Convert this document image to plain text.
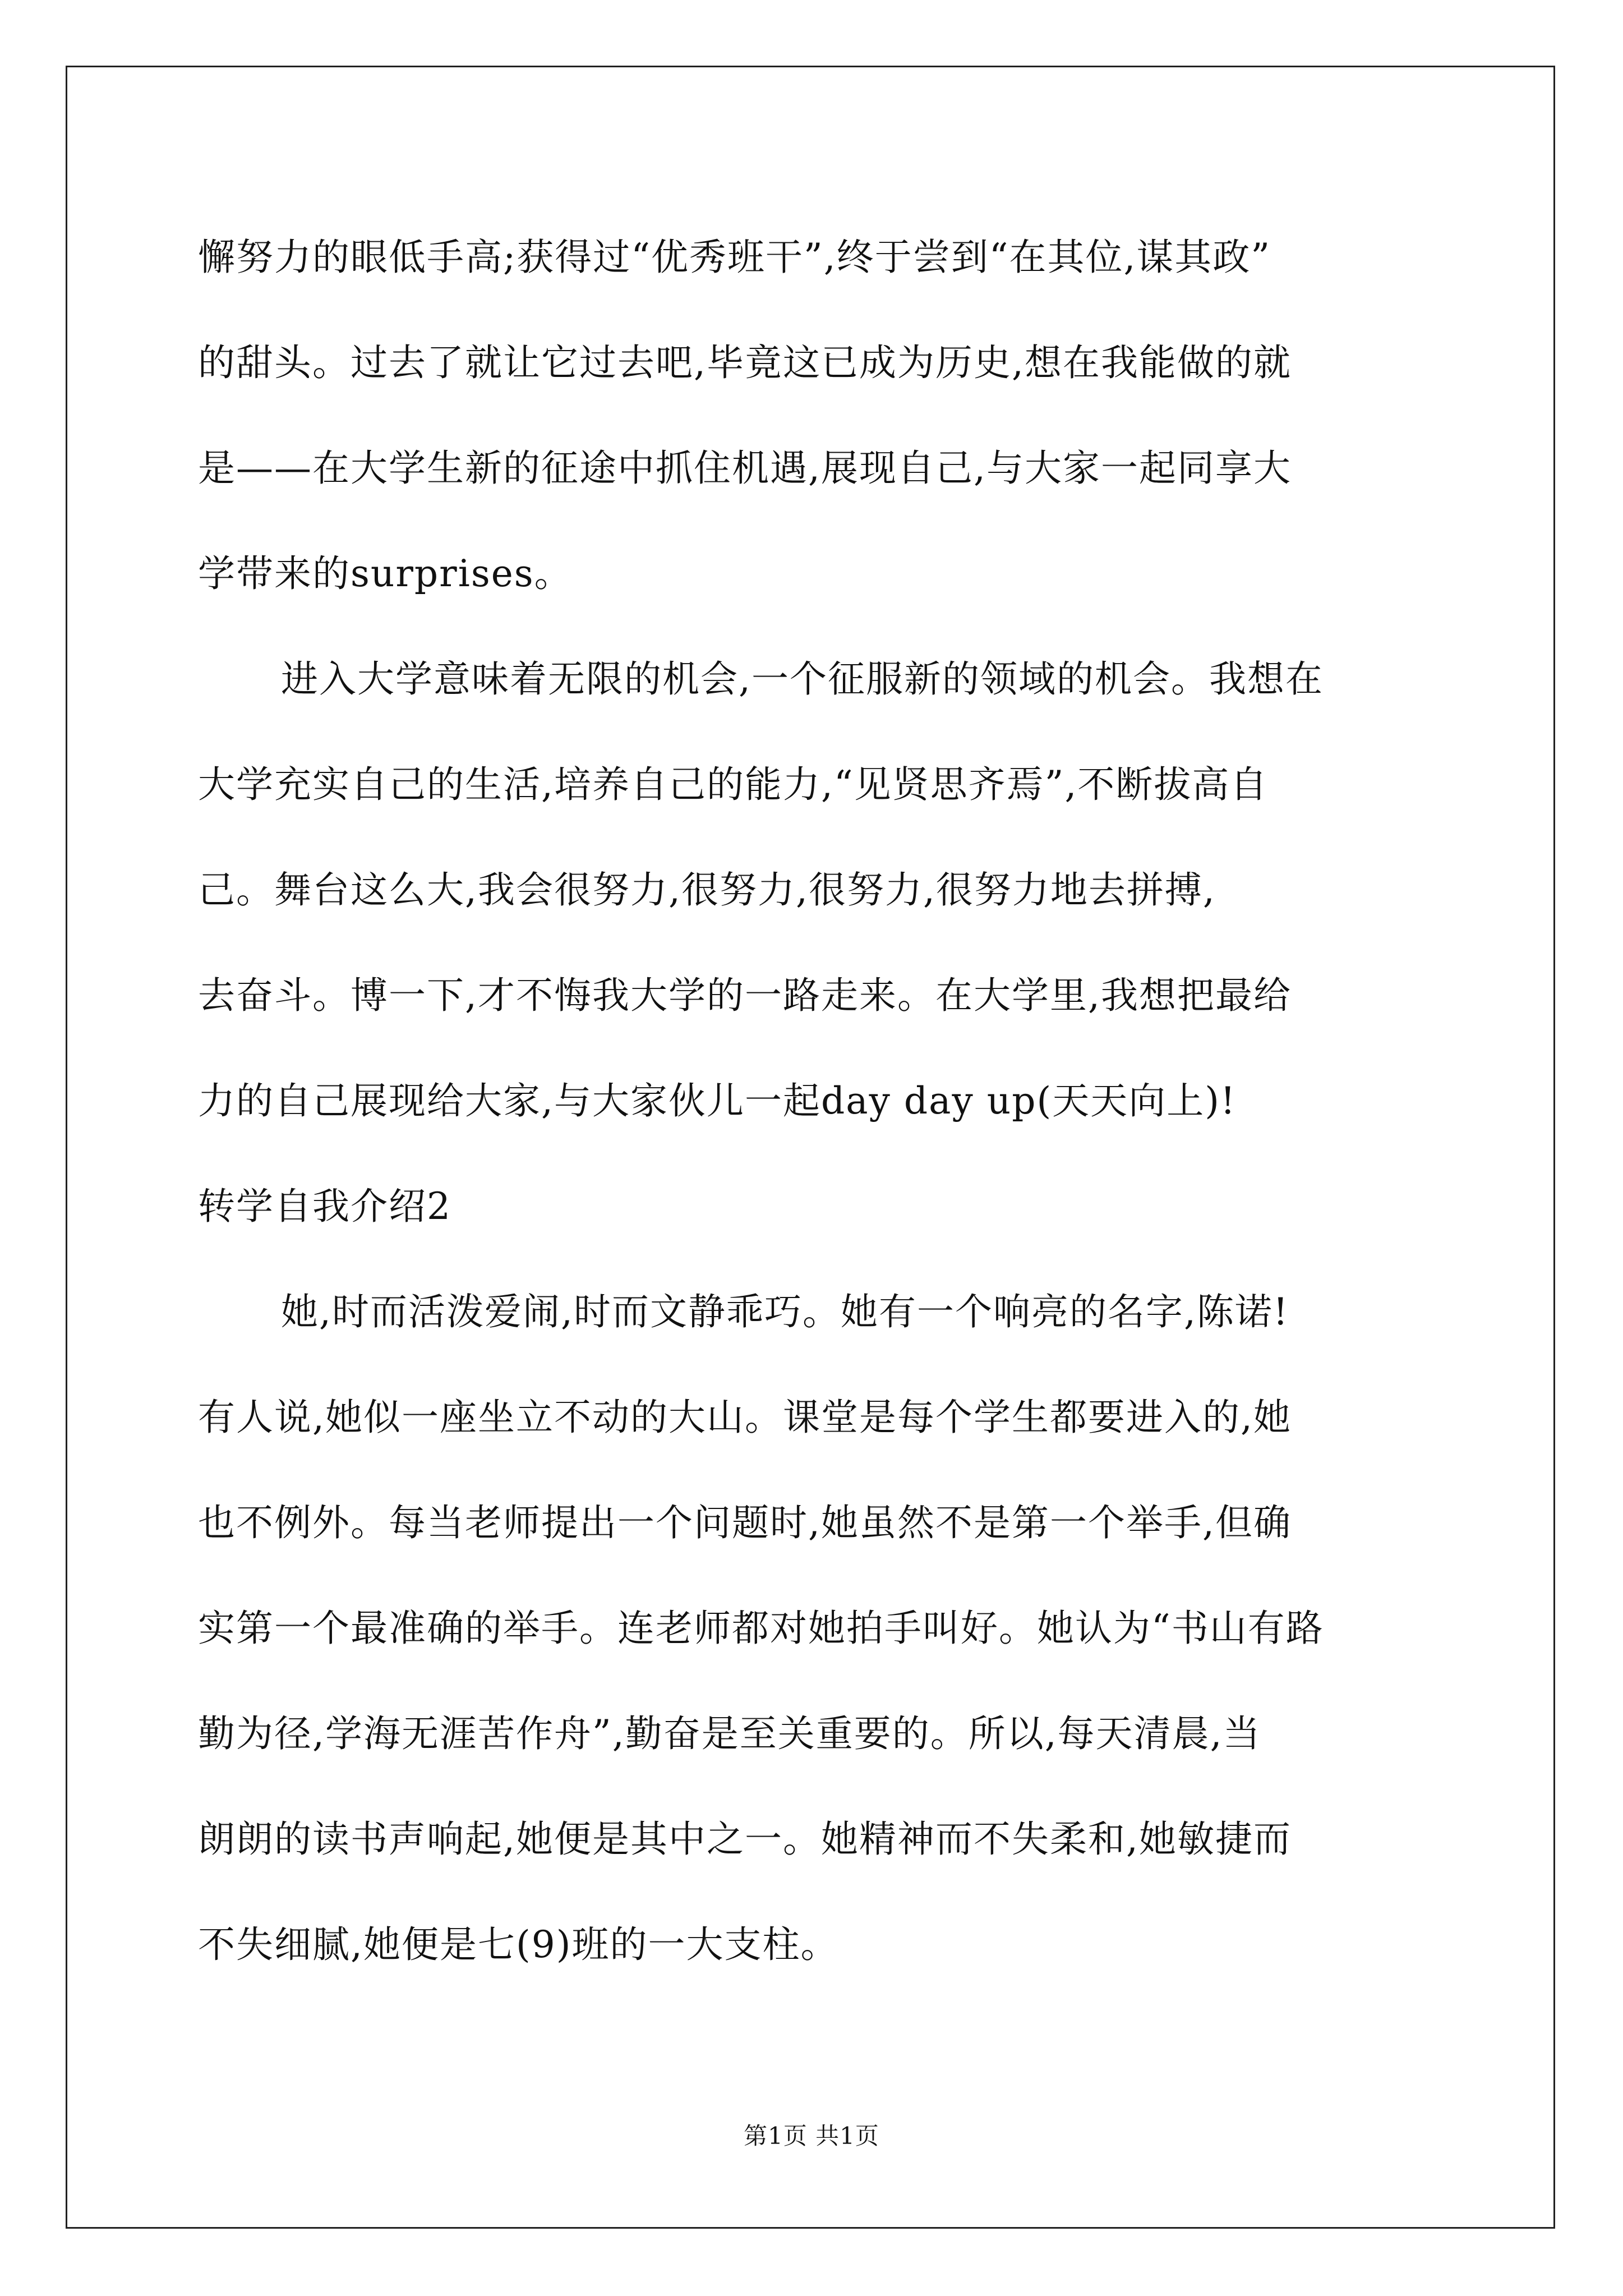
懈努力的眼低手高;获得过“优秀班干”,终于尝到“在其位,谋其政”
的甜头。过去了就让它过去吧,毕竟这已成为历史,想在我能做的就
是——在大学生新的征途中抓住机遇,展现自己,与大家一起同享大
学带来的surprises。
进入大学意味着无限的机会,一个征服新的领域的机会。我想在
大学充实自己的生活,培养自己的能力,“见贤思齐焉”,不断拔高自
己。舞台这么大,我会很努力,很努力,很努力,很努力地去拼搏,
去奋斗。博一下,才不悔我大学的一路走来。在大学里,我想把最给
力的自己展现给大家,与大家伙儿一起day day up(天天向上)!
转学自我介绍2
她,时而活泼爱闹,时而文静乖巧。她有一个响亮的名字,陈诺!
有人说,她似一座坐立不动的大山。课堂是每个学生都要进入的,她
也不例外。每当老师提出一个问题时,她虽然不是第一个举手,但确
实第一个最准确的举手。连老师都对她拍手叫好。她认为“书山有路
勤为径,学海无涯苦作舟”,勤奋是至关重要的。所以,每天清晨,当
朗朗的读书声响起,她便是其中之一。她精神而不失柔和,她敏捷而
不失细腻,她便是七(9)班的一大支柱。
第1页 共1页
